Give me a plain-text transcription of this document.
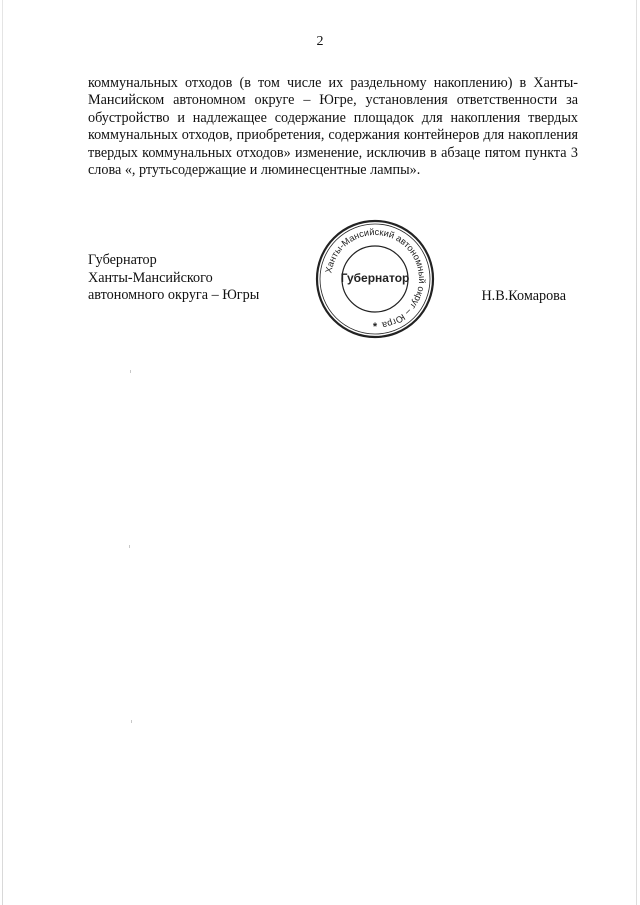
2

коммунальных отходов (в том числе их раздельному накоплению) в Ханты-Мансийском автономном округе – Югре, установления ответственности за обустройство и надлежащее содержание площадок для накопления твердых коммунальных отходов, приобретения, содержания контейнеров для накопления твердых коммунальных отходов» изменение, исключив в абзаце пятом пункта 3 слова «, ртутьсодержащие и люминесцентные лампы».

Губернатор
Ханты-Мансийского
автономного округа – Югры
Ханты-Мансийский автономный округ – Югра
Губернатор
*
Н.В.Комарова
